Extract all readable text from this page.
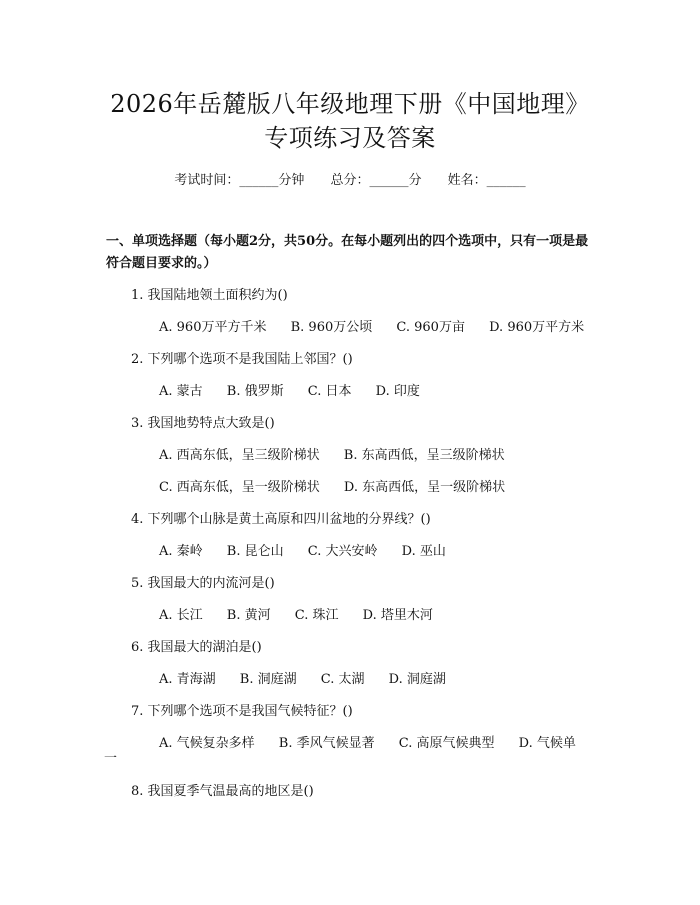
2026年岳麓版八年级地理下册《中国地理》
专项练习及答案
考试时间：______分钟 总分：______分 姓名：______
一、单项选择题（每小题2分，共50分。在每小题列出的四个选项中，只有一项是最符合题目要求的。）
1. 我国陆地领土面积约为()
A. 960万平方千米 B. 960万公顷 C. 960万亩 D. 960万平方米
2. 下列哪个选项不是我国陆上邻国？()
A. 蒙古 B. 俄罗斯 C. 日本 D. 印度
3. 我国地势特点大致是()
A. 西高东低，呈三级阶梯状 B. 东高西低，呈三级阶梯状
C. 西高东低，呈一级阶梯状 D. 东高西低，呈一级阶梯状
4. 下列哪个山脉是黄土高原和四川盆地的分界线？()
A. 秦岭 B. 昆仑山 C. 大兴安岭 D. 巫山
5. 我国最大的内流河是()
A. 长江 B. 黄河 C. 珠江 D. 塔里木河
6. 我国最大的湖泊是()
A. 青海湖 B. 洞庭湖 C. 太湖 D. 洞庭湖
7. 下列哪个选项不是我国气候特征？()
A. 气候复杂多样 B. 季风气候显著 C. 高原气候典型 D. 气候单
一
8. 我国夏季气温最高的地区是()
